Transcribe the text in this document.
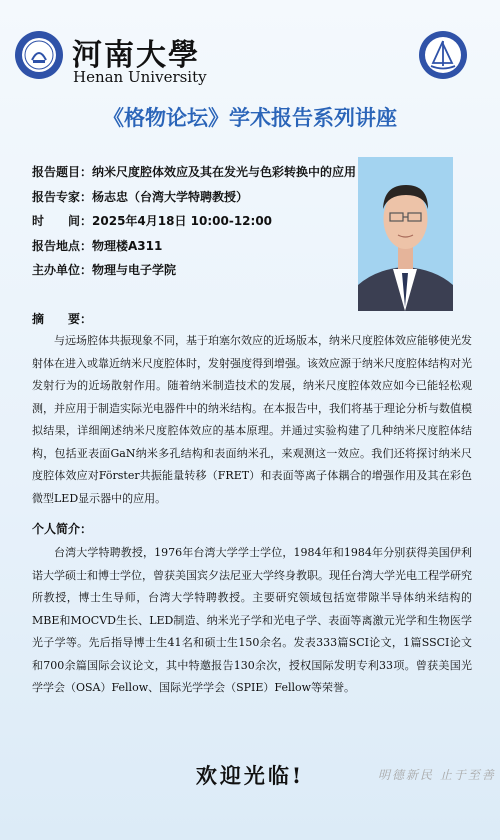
河南大學
Henan University
《格物论坛》学术报告系列讲座
报告题目：纳米尺度腔体效应及其在发光与色彩转换中的应用
报告专家：杨志忠（台湾大学特聘教授）
时　　间：2025年4月18日 10:00-12:00
报告地点：物理楼A311
主办单位：物理与电子学院
摘　　要：

与远场腔体共振现象不同，基于珀塞尔效应的近场版本，纳米尺度腔体效应能够使光发射体在进入或靠近纳米尺度腔体时，发射强度得到增强。该效应源于纳米尺度腔体结构对光发射行为的近场散射作用。随着纳米制造技术的发展，纳米尺度腔体效应如今已能轻松观测，并应用于制造实际光电器件中的纳米结构。在本报告中，我们将基于理论分析与数值模拟结果，详细阐述纳米尺度腔体效应的基本原理。并通过实验构建了几种纳米尺度腔体结构，包括亚表面GaN纳米多孔结构和表面纳米孔，来观测这一效应。我们还将探讨纳米尺度腔体效应对Förster共振能量转移（FRET）和表面等离子体耦合的增强作用及其在彩色微型LED显示器中的应用。

个人简介：

台湾大学特聘教授，1976年台湾大学学士学位，1984年和1984年分别获得美国伊利诺大学硕士和博士学位，曾获美国宾夕法尼亚大学终身教职。现任台湾大学光电工程学研究所教授，博士生导师，台湾大学特聘教授。主要研究领域包括宽带隙半导体纳米结构的MBE和MOCVD生长、LED制造、纳米光子学和光电子学、表面等离激元光学和生物医学光子学等。先后指导博士生41名和硕士生150余名。发表333篇SCI论文，1篇SSCI论文和700余篇国际会议论文，其中特邀报告130余次，授权国际发明专利33项。曾获美国光学学会（OSA）Fellow、国际光学学会（SPIE）Fellow等荣誉。

欢迎光临!	明德新民 止于至善
